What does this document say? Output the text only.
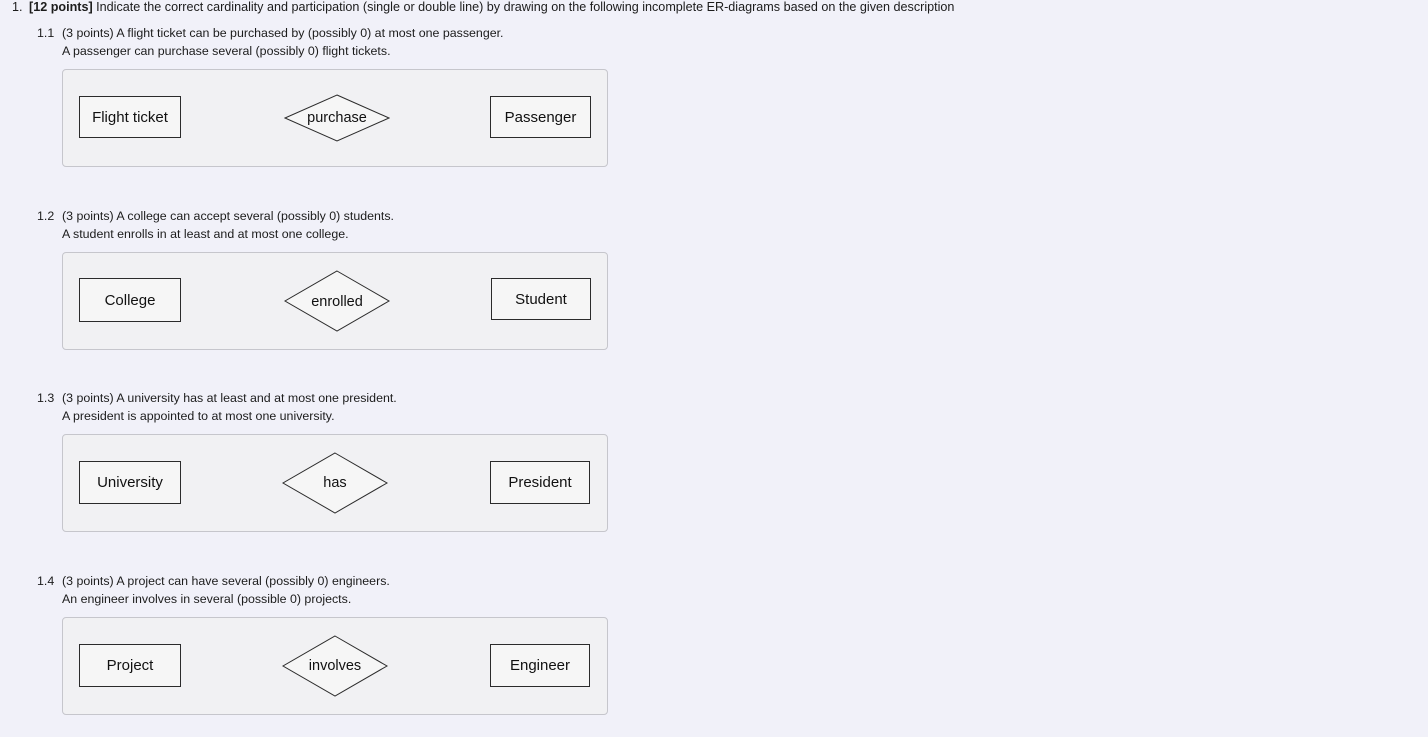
1. [12 points] Indicate the correct cardinality and participation (single or double line) by drawing on the following incomplete ER-diagrams based on the given description
1.1 (3 points) A flight ticket can be purchased by (possibly 0) at most one passenger.
A passenger can purchase several (possibly 0) flight tickets.
Flight ticket	purchase	Passenger
1.2 (3 points) A college can accept several (possibly 0) students.
A student enrolls in at least and at most one college.
College	enrolled	Student
1.3 (3 points) A university has at least and at most one president.
A president is appointed to at most one university.
University	has	President
1.4 (3 points) A project can have several (possibly 0) engineers.
An engineer involves in several (possible 0) projects.
Project	involves	Engineer
